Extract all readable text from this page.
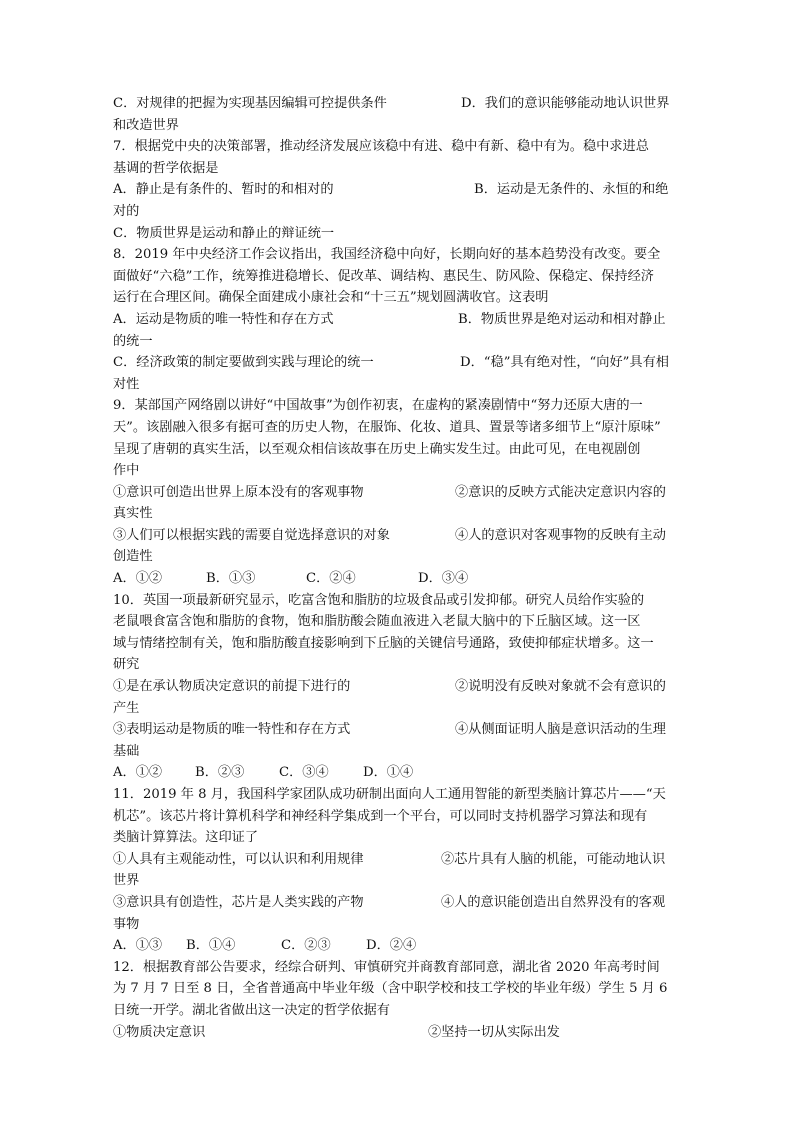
C．对规律的把握为实现基因编辑可控提供条件	D．我们的意识能够能动地认识世界
和改造世界
7．根据党中央的决策部署，推动经济发展应该稳中有进、稳中有新、稳中有为。稳中求进总
基调的哲学依据是
A．静止是有条件的、暂时的和相对的	B．运动是无条件的、永恒的和绝
对的
C．物质世界是运动和静止的辩证统一
8．2019 年中央经济工作会议指出，我国经济稳中向好，长期向好的基本趋势没有改变。要全
面做好“六稳”工作，统筹推进稳增长、促改革、调结构、惠民生、防风险、保稳定、保持经济
运行在合理区间。确保全面建成小康社会和“十三五”规划圆满收官。这表明
A．运动是物质的唯一特性和存在方式	B．物质世界是绝对运动和相对静止
的统一
C．经济政策的制定要做到实践与理论的统一	D．“稳”具有绝对性，“向好”具有相
对性
9．某部国产网络剧以讲好“中国故事”为创作初衷，在虚构的紧凑剧情中“努力还原大唐的一
天”。该剧融入很多有据可查的历史人物，在服饰、化妆、道具、置景等诸多细节上“原汁原味”
呈现了唐朝的真实生活，以至观众相信该故事在历史上确实发生过。由此可见，在电视剧创
作中
①意识可创造出世界上原本没有的客观事物	②意识的反映方式能决定意识内容的
真实性
③人们可以根据实践的需要自觉选择意识的对象	④人的意识对客观事物的反映有主动
创造性
A．①②	B．①③	C．②④	D．③④
10．英国一项最新研究显示，吃富含饱和脂肪的垃圾食品或引发抑郁。研究人员给作实验的
老鼠喂食富含饱和脂肪的食物，饱和脂肪酸会随血液进入老鼠大脑中的下丘脑区域。这一区
域与情绪控制有关，饱和脂肪酸直接影响到下丘脑的关键信号通路，致使抑郁症状增多。这一
研究
①是在承认物质决定意识的前提下进行的	②说明没有反映对象就不会有意识的
产生
③表明运动是物质的唯一特性和存在方式	④从侧面证明人脑是意识活动的生理
基础
A．①② B．②③	C．③④	D．①④
11．2019 年 8 月，我国科学家团队成功研制出面向人工通用智能的新型类脑计算芯片——“天
机芯”。该芯片将计算机科学和神经科学集成到一个平台，可以同时支持机器学习算法和现有
类脑计算算法。这印证了
①人具有主观能动性，可以认识和利用规律	②芯片具有人脑的机能，可能动地认识
世界
③意识具有创造性，芯片是人类实践的产物	④人的意识能创造出自然界没有的客观
事物
A．①③ B．①④	C．②③	D．②④
12．根据教育部公告要求，经综合研判、审慎研究并商教育部同意，湖北省 2020 年高考时间
为 7 月 7 日至 8 日，全省普通高中毕业年级（含中职学校和技工学校的毕业年级）学生 5 月 6
日统一开学。湖北省做出这一决定的哲学依据有
①物质决定意识	②坚持一切从实际出发
